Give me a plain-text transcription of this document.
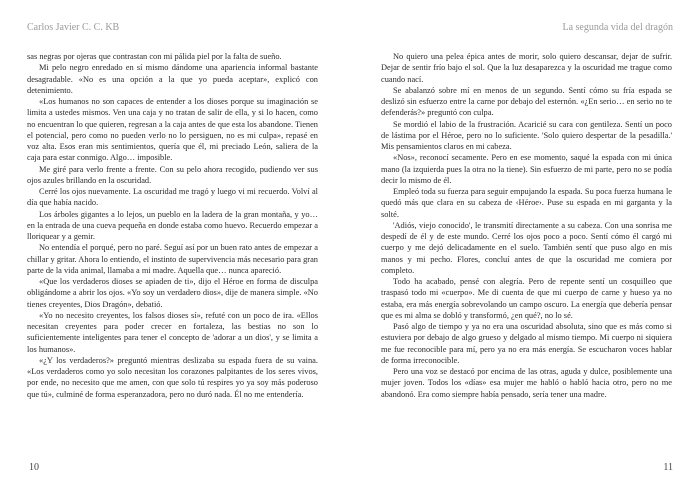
Carlos Javier C. C. KB

sas negras por ojeras que contrastan con mi pálida piel por la falta de sueño.

Mi pelo negro enredado en sí mismo dándome una apariencia informal bastante desagradable. «No es una opción a la que yo pueda aceptar», explicó con detenimiento.

«Los humanos no son capaces de entender a los dioses porque su imaginación se limita a ustedes mismos. Ven una caja y no tratan de salir de ella, y si lo hacen, como no encuentran lo que quieren, regresan a la caja antes de que esta los abandone. Tienen el potencial, pero como no pueden verlo no lo persiguen, no es mi culpa», repasé en voz alta. Esos eran mis sentimientos, quería que él, mi preciado León, saliera de la caja para estar conmigo. Algo… imposible.

Me giré para verlo frente a frente. Con su pelo ahora recogido, pudiendo ver sus ojos azules brillando en la oscuridad.

Cerré los ojos nuevamente. La oscuridad me tragó y luego vi mi recuerdo. Volví al día que había nacido.

Los árboles gigantes a lo lejos, un pueblo en la ladera de la gran montaña, y yo… en la entrada de una cueva pequeña en donde estaba como huevo. Recuerdo empezar a lloriquear y a gemir.

No entendía el porqué, pero no paré. Seguí así por un buen rato antes de empezar a chillar y gritar. Ahora lo entiendo, el instinto de supervivencia más necesario para gran parte de la vida animal, llamaba a mi madre. Aquella que… nunca apareció.

«Que los verdaderos dioses se apiaden de ti», dijo el Héroe en forma de disculpa obligándome a abrir los ojos. «Yo soy un verdadero dios», dije de manera simple. «No tienes creyentes, Dios Dragón», debatió.

«Yo no necesito creyentes, los falsos dioses sí», refuté con un poco de ira. «Ellos necesitan creyentes para poder crecer en fortaleza, las bestias no son lo suficientemente inteligentes para tener el concepto de 'adorar a un dios', y se limita a los humanos».

«¿Y los verdaderos?» preguntó mientras deslizaba su espada fuera de su vaina. «Los verdaderos como yo solo necesitan los corazones palpitantes de los seres vivos, por ende, no necesito que me amen, con que solo tú respires yo ya soy más poderoso que tú», culminé de forma esperanzadora, pero no duró nada. Él no me entendería.

10
La segunda vida del dragón

No quiero una pelea épica antes de morir, solo quiero descansar, dejar de sufrir. Dejar de sentir frío bajo el sol. Que la luz desaparezca y la oscuridad me trague como cuando nací.

Se abalanzó sobre mí en menos de un segundo. Sentí cómo su fría espada se deslizó sin esfuerzo entre la carne por debajo del esternón. «¿En serio… en serio no te defenderás?» preguntó con culpa.

Se mordió el labio de la frustración. Acaricié su cara con gentileza. Sentí un poco de lástima por el Héroe, pero no lo suficiente. 'Solo quiero despertar de la pesadilla.' Mis pensamientos claros en mi cabeza.

«Nos», reconocí secamente. Pero en ese momento, saqué la espada con mi única mano (la izquierda pues la otra no la tiene). Sin esfuerzo de mi parte, pero no se podía decir lo mismo de él.

Empleó toda su fuerza para seguir empujando la espada. Su poca fuerza humana le quedó más que clara en su cabeza de ‹Héroe›. Puse su espada en mi garganta y la solté.

'Adiós, viejo conocido', le transmití directamente a su cabeza. Con una sonrisa me despedí de él y de este mundo. Cerré los ojos poco a poco. Sentí cómo él cargó mi cuerpo y me dejó delicadamente en el suelo. También sentí que puso algo en mis manos y mi pecho. Flores, concluí antes de que la oscuridad me comiera por completo.

Todo ha acabado, pensé con alegría. Pero de repente sentí un cosquilleo que traspasó todo mi «cuerpo». Me di cuenta de que mi cuerpo de carne y hueso ya no estaba, era más energía sobrevolando un campo oscuro. La energía que debería pensar que es mi alma se dobló y transformó, ¿en qué?, no lo sé.

Pasó algo de tiempo y ya no era una oscuridad absoluta, sino que es más como si estuviera por debajo de algo grueso y delgado al mismo tiempo. Mi cuerpo ni siquiera me fue reconocible para mí, pero ya no era más energía. Se escucharon voces hablar de forma irreconocible.

Pero una voz se destacó por encima de las otras, aguda y dulce, posiblemente una mujer joven. Todos los «días» esa mujer me habló o habló hacia otro, pero no me abandonó. Era como siempre había pensado, sería tener una madre.

11
